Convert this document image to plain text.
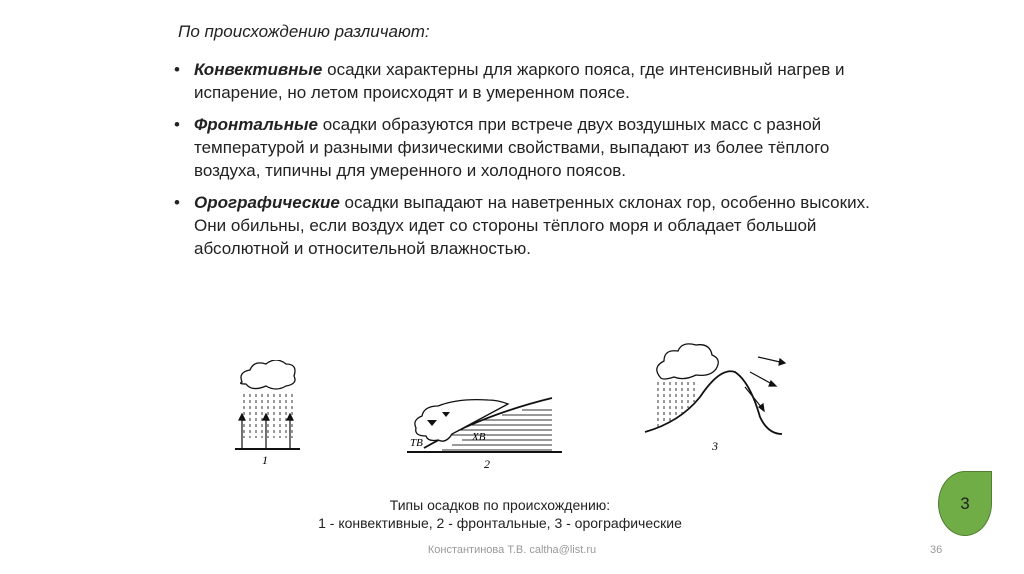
По происхождению различают:
• Конвективные осадки характерны для жаркого пояса, где интенсивный нагрев и испарение, но летом происходят и в умеренном поясе.
• Фронтальные осадки образуются при встрече двух воздушных масс с разной температурой и разными физическими свойствами, выпадают из более тёплого воздуха, типичны для умеренного и холодного поясов.
• Орографические осадки выпадают на наветренных склонах гор, особенно высоких. Они обильны, если воздух идет со стороны тёплого моря и обладает большой абсолютной и относительной влажностью.
1
ТВ	ХВ
2
3
Типы осадков по происхождению:
1 - конвективные, 2 - фронтальные, 3 - орографические
3
Константинова Т.В. caltha@list.ru	36
